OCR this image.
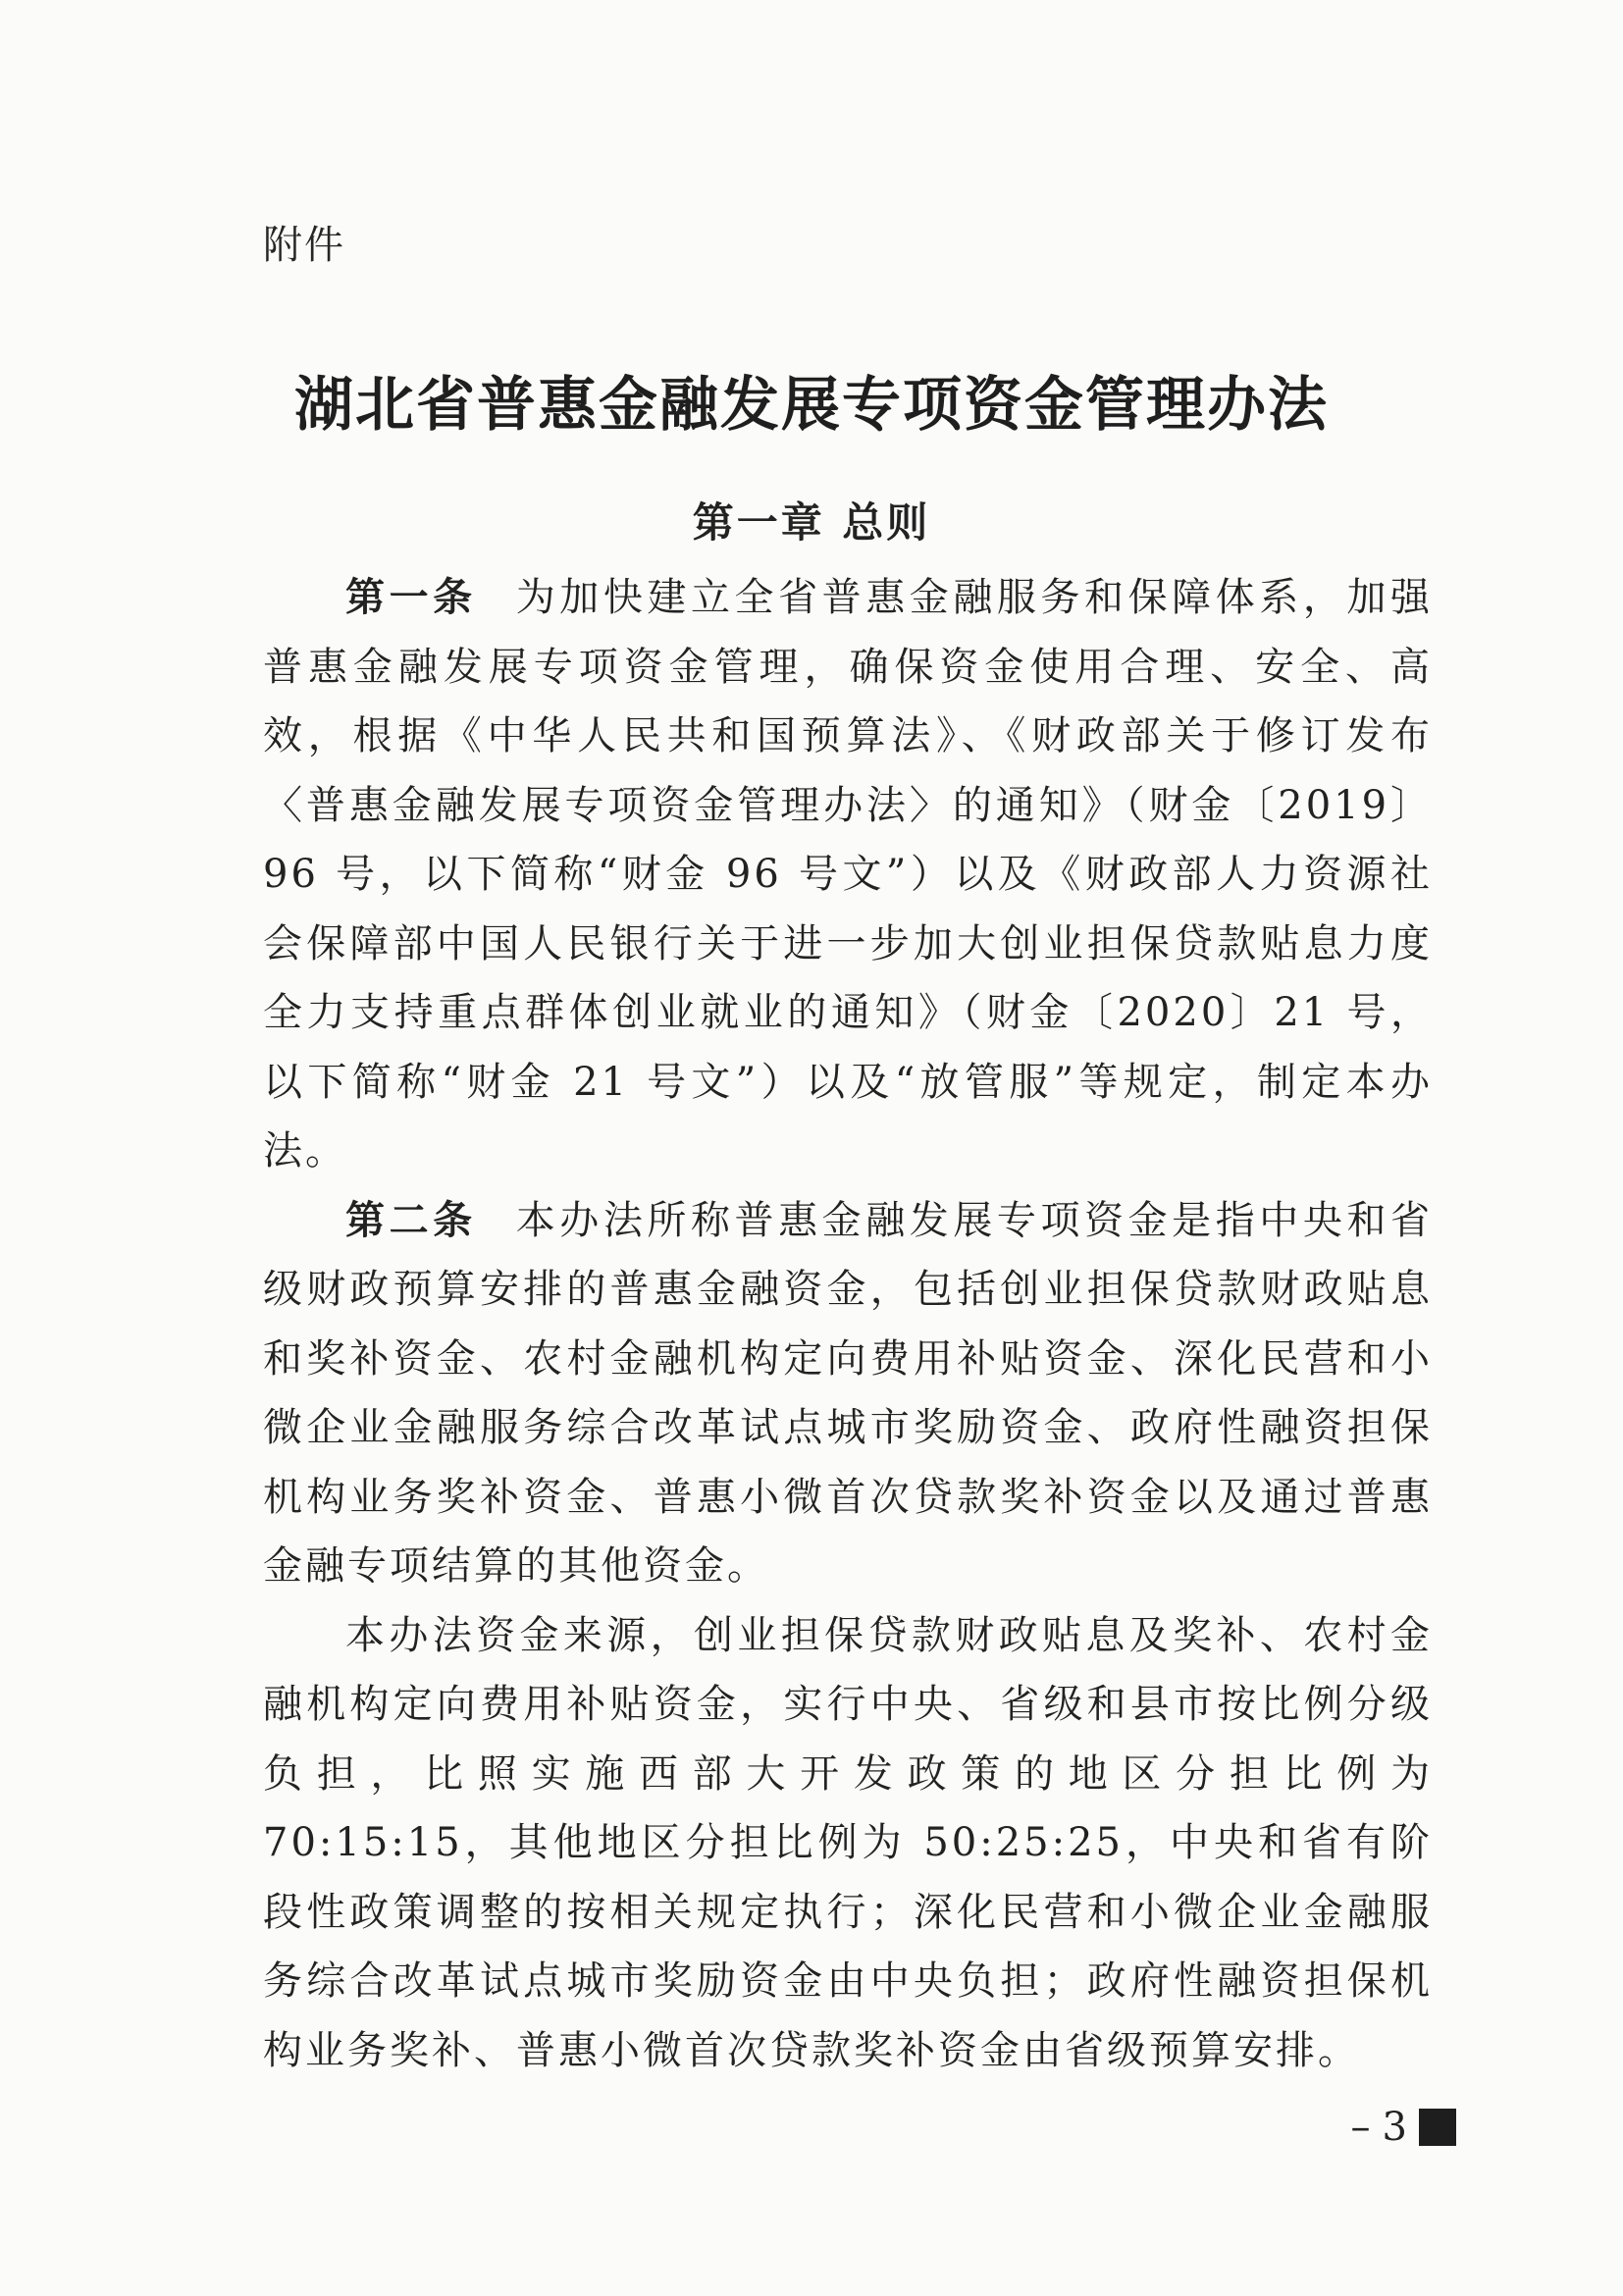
附件
湖北省普惠金融发展专项资金管理办法
第一章 总则

第一条 为加快建立全省普惠金融服务和保障体系，加强普惠金融发展专项资金管理，确保资金使用合理、安全、高效，根据《中华人民共和国预算法》、《财政部关于修订发布〈普惠金融发展专项资金管理办法〉的通知》（财金〔2019〕96 号，以下简称“财金 96 号文”）以及《财政部人力资源社会保障部中国人民银行关于进一步加大创业担保贷款贴息力度全力支持重点群体创业就业的通知》（财金〔2020〕21 号，以下简称“财金 21 号文”）以及“放管服”等规定，制定本办法。

第二条 本办法所称普惠金融发展专项资金是指中央和省级财政预算安排的普惠金融资金，包括创业担保贷款财政贴息和奖补资金、农村金融机构定向费用补贴资金、深化民营和小微企业金融服务综合改革试点城市奖励资金、政府性融资担保机构业务奖补资金、普惠小微首次贷款奖补资金以及通过普惠金融专项结算的其他资金。

本办法资金来源，创业担保贷款财政贴息及奖补、农村金融机构定向费用补贴资金，实行中央、省级和县市按比例分级负担，比照实施西部大开发政策的地区分担比例为 70:15:15，其他地区分担比例为 50:25:25，中央和省有阶段性政策调整的按相关规定执行；深化民营和小微企业金融服务综合改革试点城市奖励资金由中央负担；政府性融资担保机构业务奖补、普惠小微首次贷款奖补资金由省级预算安排。

– 3
